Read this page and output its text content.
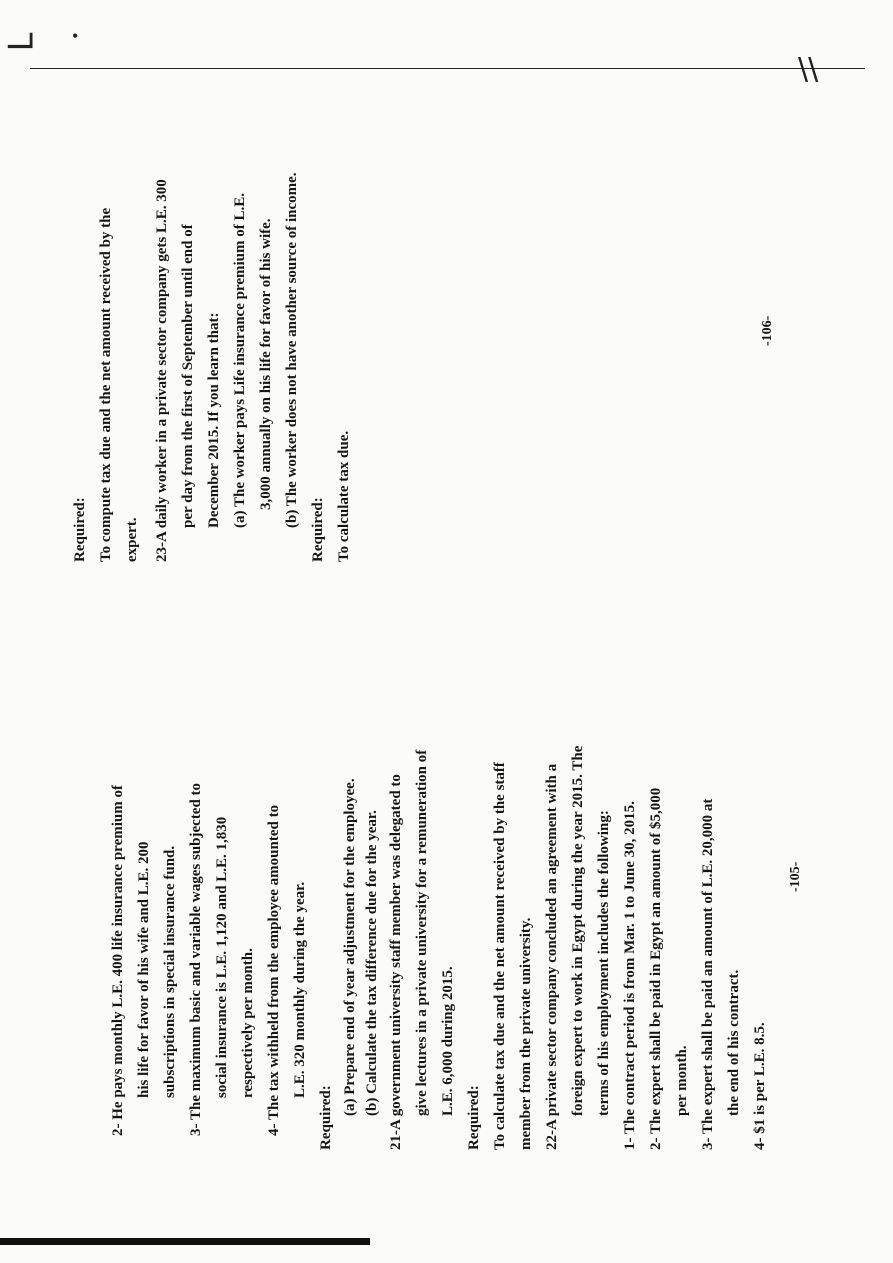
L •
\\
2- He pays monthly L.E. 400 life insurance premium of his life for favor of his wife and L.E. 200 subscriptions in special insurance fund. 3- The maximum basic and variable wages subjected to social insurance is L.E. 1,120 and L.E. 1,830 respectively per month. 4- The tax withheld from the employee amounted to L.E. 320 monthly during the year.
Required:
(a) Prepare end of year adjustment for the employee. (b) Calculate the tax difference due for the year. 21-A government university staff member was delegated to give lectures in a private university for a remuneration of L.E. 6,000 during 2015.
Required: To calculate tax due and the net amount received by the staff member from the private university. 22-A private sector company concluded an agreement with a foreign expert to work in Egypt during the year 2015. The terms of his employment includes the following: 1- The contract period is from Mar. 1 to June 30, 2015. 2- The expert shall be paid in Egypt an amount of $5,000 per month. 3- The expert shall be paid an amount of L.E. 20,000 at the end of his contract. 4- $1 is per L.E. 8.5.
Required: To compute tax due and the net amount received by the expert. 23-A daily worker in a private sector company gets L.E. 300 per day from the first of September until end of December 2015. If you learn that: (a) The worker pays Life insurance premium of L.E. 3,000 annually on his life for favor of his wife. (b) The worker does not have another source of income.
Required: To calculate tax due.
-105-
-106-
